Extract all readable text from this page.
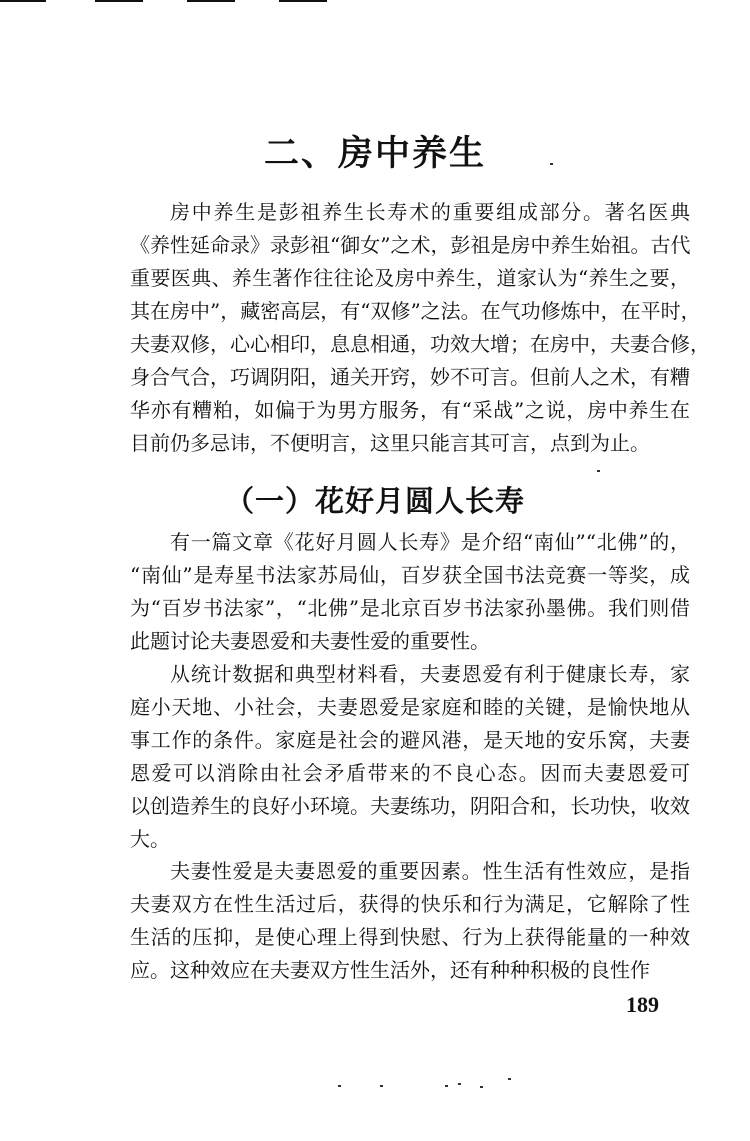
二、房中养生
房中养生是彭祖养生长寿术的重要组成部分。著名医典
《养性延命录》录彭祖“御女”之术，彭祖是房中养生始祖。古代
重要医典、养生著作往往论及房中养生，道家认为“养生之要，
其在房中”，藏密高层，有“双修”之法。在气功修炼中，在平时，
夫妻双修，心心相印，息息相通，功效大增；在房中，夫妻合修，
身合气合，巧调阴阳，通关开窍，妙不可言。但前人之术，有糟
华亦有糟粕，如偏于为男方服务，有“采战”之说，房中养生在
目前仍多忌讳，不便明言，这里只能言其可言，点到为止。
（一）花好月圆人长寿
有一篇文章《花好月圆人长寿》是介绍“南仙”“北佛”的，
“南仙”是寿星书法家苏局仙，百岁获全国书法竞赛一等奖，成
为“百岁书法家”，“北佛”是北京百岁书法家孙墨佛。我们则借
此题讨论夫妻恩爱和夫妻性爱的重要性。
从统计数据和典型材料看，夫妻恩爱有利于健康长寿，家
庭小天地、小社会，夫妻恩爱是家庭和睦的关键，是愉快地从
事工作的条件。家庭是社会的避风港，是天地的安乐窝，夫妻
恩爱可以消除由社会矛盾带来的不良心态。因而夫妻恩爱可
以创造养生的良好小环境。夫妻练功，阴阳合和，长功快，收效
大。
夫妻性爱是夫妻恩爱的重要因素。性生活有性效应，是指
夫妻双方在性生活过后，获得的快乐和行为满足，它解除了性
生活的压抑，是使心理上得到快慰、行为上获得能量的一种效
应。这种效应在夫妻双方性生活外，还有种种积极的良性作
189
